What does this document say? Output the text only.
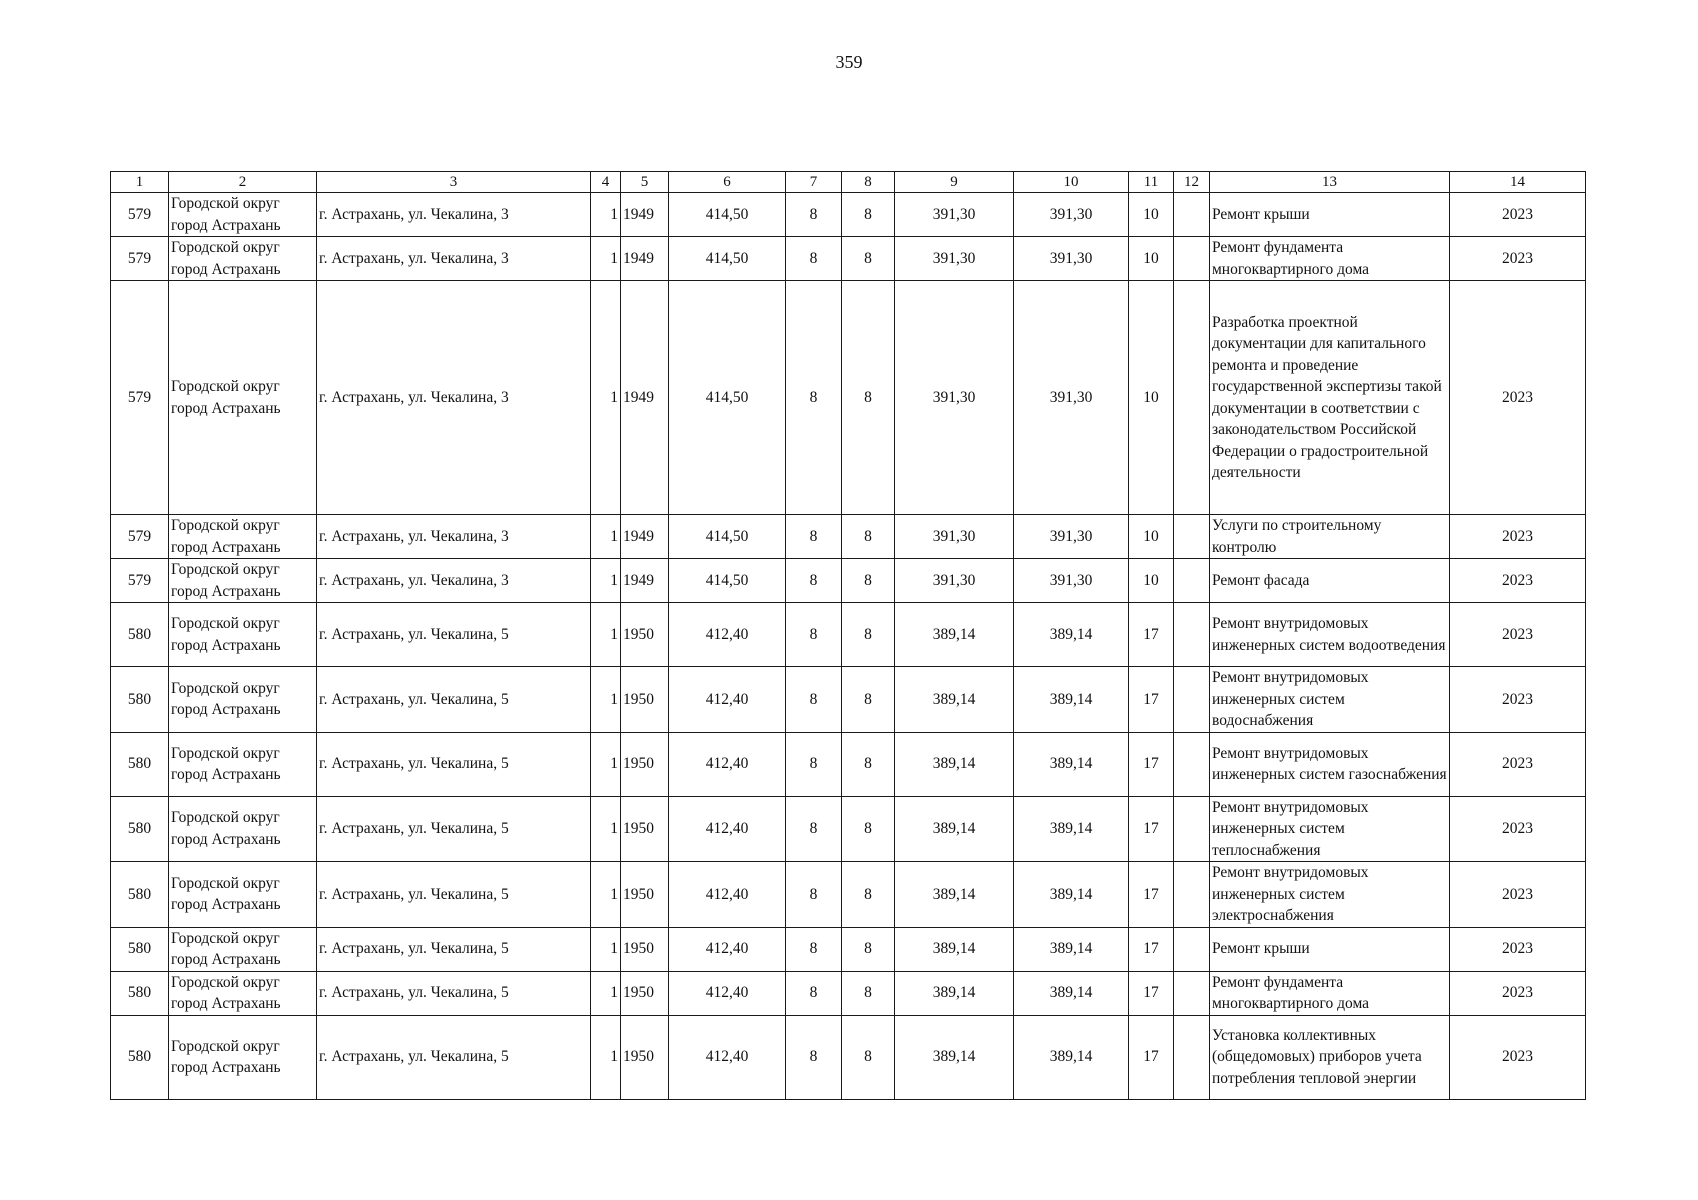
359
1	2	3	4	5	6	7	8	9	10	11	12	13	14
579	Городской округ город Астрахань	г. Астрахань, ул. Чекалина, 3	1	1949	414,50	8	8	391,30	391,30	10		Ремонт крыши	2023
579	Городской округ город Астрахань	г. Астрахань, ул. Чекалина, 3	1	1949	414,50	8	8	391,30	391,30	10		Ремонт фундамента многоквартирного дома	2023
579	Городской округ город Астрахань	г. Астрахань, ул. Чекалина, 3	1	1949	414,50	8	8	391,30	391,30	10		Разработка проектной документации для капитального ремонта и проведение государственной экспертизы такой документации в соответствии с законодательством Российской Федерации о градостроительной деятельности	2023
579	Городской округ город Астрахань	г. Астрахань, ул. Чекалина, 3	1	1949	414,50	8	8	391,30	391,30	10		Услуги по строительному контролю	2023
579	Городской округ город Астрахань	г. Астрахань, ул. Чекалина, 3	1	1949	414,50	8	8	391,30	391,30	10		Ремонт фасада	2023
580	Городской округ город Астрахань	г. Астрахань, ул. Чекалина, 5	1	1950	412,40	8	8	389,14	389,14	17		Ремонт внутридомовых инженерных систем водоотведения	2023
580	Городской округ город Астрахань	г. Астрахань, ул. Чекалина, 5	1	1950	412,40	8	8	389,14	389,14	17		Ремонт внутридомовых инженерных систем водоснабжения	2023
580	Городской округ город Астрахань	г. Астрахань, ул. Чекалина, 5	1	1950	412,40	8	8	389,14	389,14	17		Ремонт внутридомовых инженерных систем газоснабжения	2023
580	Городской округ город Астрахань	г. Астрахань, ул. Чекалина, 5	1	1950	412,40	8	8	389,14	389,14	17		Ремонт внутридомовых инженерных систем теплоснабжения	2023
580	Городской округ город Астрахань	г. Астрахань, ул. Чекалина, 5	1	1950	412,40	8	8	389,14	389,14	17		Ремонт внутридомовых инженерных систем электроснабжения	2023
580	Городской округ город Астрахань	г. Астрахань, ул. Чекалина, 5	1	1950	412,40	8	8	389,14	389,14	17		Ремонт крыши	2023
580	Городской округ город Астрахань	г. Астрахань, ул. Чекалина, 5	1	1950	412,40	8	8	389,14	389,14	17		Ремонт фундамента многоквартирного дома	2023
580	Городской округ город Астрахань	г. Астрахань, ул. Чекалина, 5	1	1950	412,40	8	8	389,14	389,14	17		Установка коллективных (общедомовых) приборов учета потребления тепловой энергии	2023
